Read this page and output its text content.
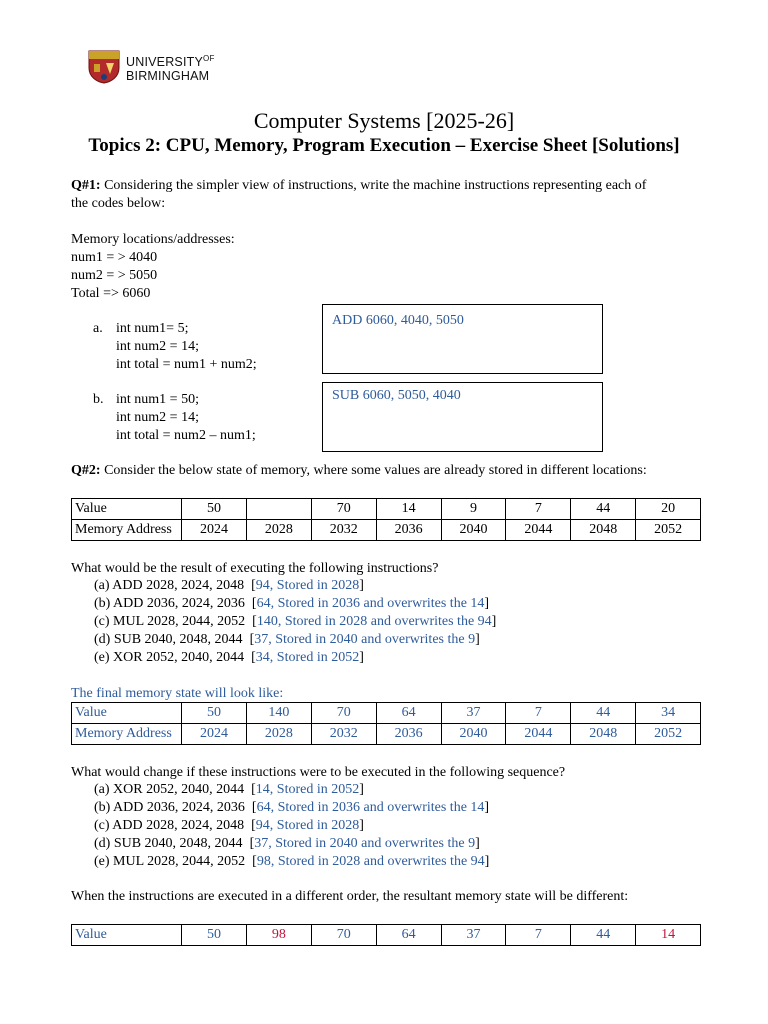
$UNIVERSITY^{OF}$
BIRMINGHAM
Computer Systems [2025-26]
Topics 2: CPU, Memory, Program Execution – Exercise Sheet [Solutions]
Q#1: Considering the simpler view of instructions, write the machine instructions representing each of
the codes below:
Memory locations/addresses:
num1 = > 4040
num2 = > 5050
Total => 6060
a. int num1= 5;
int num2 = 14;
int total = num1 + num2;
ADD 6060, 4040, 5050
b. int num1 = 50;
int num2 = 14;
int total = num2 – num1;
SUB 6060, 5050, 4040
Q#2: Consider the below state of memory, where some values are already stored in different locations:
Value	50		70	14	9	7	44	20
Memory Address	2024	2028	2032	2036	2040	2044	2048	2052
What would be the result of executing the following instructions?
(a) ADD 2028, 2024, 2048  [94, Stored in 2028]
(b) ADD 2036, 2024, 2036  [64, Stored in 2036 and overwrites the 14]
(c) MUL 2028, 2044, 2052  [140, Stored in 2028 and overwrites the 94]
(d) SUB 2040, 2048, 2044  [37, Stored in 2040 and overwrites the 9]
(e) XOR 2052, 2040, 2044  [34, Stored in 2052]
The final memory state will look like:
Value	50	140	70	64	37	7	44	34
Memory Address	2024	2028	2032	2036	2040	2044	2048	2052
What would change if these instructions were to be executed in the following sequence?
(a) XOR 2052, 2040, 2044  [14, Stored in 2052]
(b) ADD 2036, 2024, 2036  [64, Stored in 2036 and overwrites the 14]
(c) ADD 2028, 2024, 2048  [94, Stored in 2028]
(d) SUB 2040, 2048, 2044  [37, Stored in 2040 and overwrites the 9]
(e) MUL 2028, 2044, 2052  [98, Stored in 2028 and overwrites the 94]
When the instructions are executed in a different order, the resultant memory state will be different:
Value	50	98	70	64	37	7	44	14
